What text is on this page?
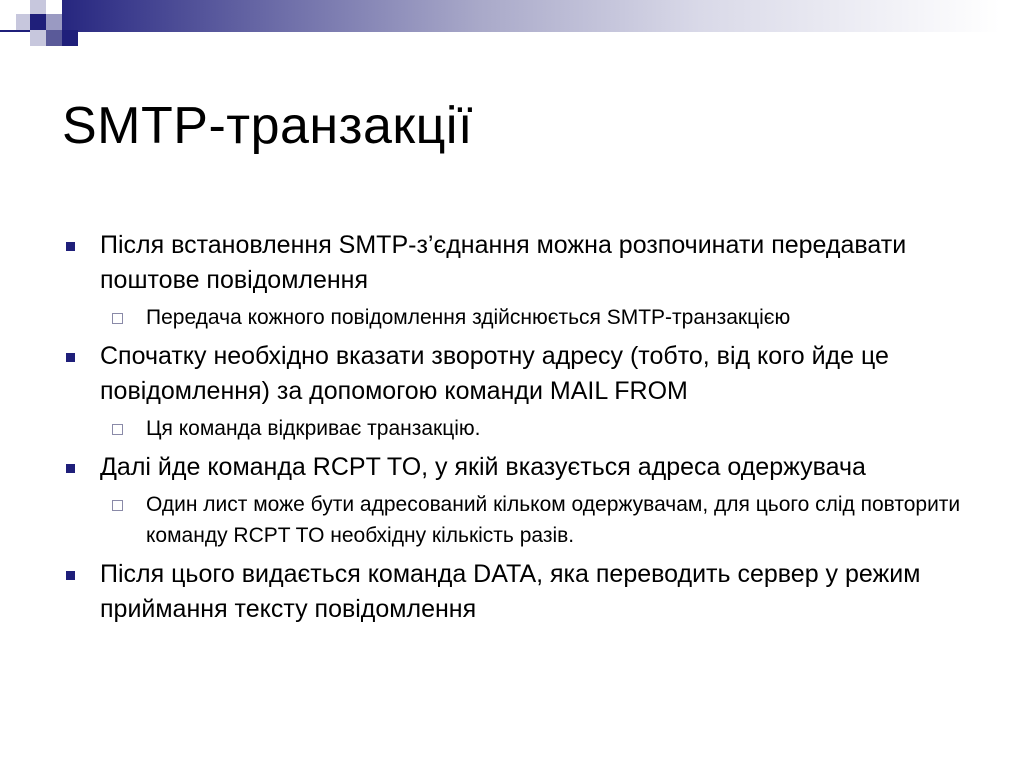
SMTP-транзакції
Після встановлення SMTP-з’єднання можна розпочинати передавати поштове повідомлення
Передача кожного повідомлення здійснюється SMTP-транзакцією
Спочатку необхідно вказати зворотну адресу (тобто, від кого йде це повідомлення) за допомогою команди MAIL FROM
Ця команда відкриває транзакцію.
Далі йде команда RCPT TO, у якій вказується адреса одержувача
Один лист може бути адресований кільком одержувачам, для цього слід повторити команду RCPT TO необхідну кількість разів.
Після цього видається команда DATA, яка переводить сервер у режим приймання тексту повідомлення
